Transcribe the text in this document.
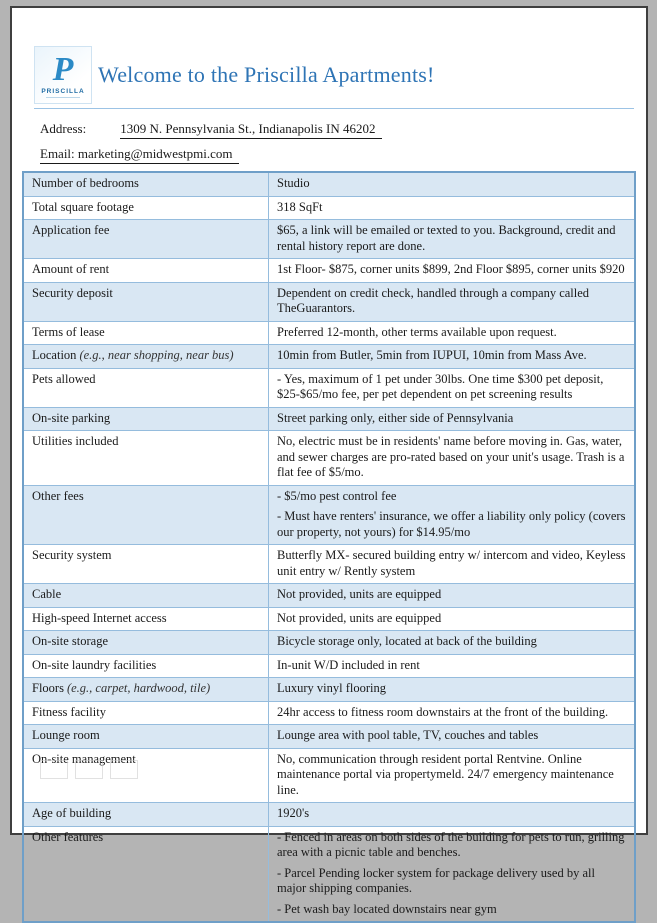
P
PRISCILLA
Welcome to the Priscilla Apartments!
Address:	1309 N. Pennsylvania St., Indianapolis IN 46202
Email: marketing@midwestpmi.com
Number of bedrooms	Studio

Total square footage	318 SqFt

Application fee	$65, a link will be emailed or texted to you. Background, credit and rental history report are done.

Amount of rent	1st Floor- $875, corner units $899, 2nd Floor $895, corner units $920

Security deposit	Dependent on credit check, handled through a company called TheGuarantors.

Terms of lease	Preferred 12-month, other terms available upon request.

Location (e.g., near shopping, near bus)	10min from Butler, 5min from IUPUI, 10min from Mass Ave.

Pets allowed	- Yes, maximum of 1 pet under 30lbs. One time $300 pet deposit, $25-$65/mo fee, per pet dependent on pet screening results

On-site parking	Street parking only, either side of Pennsylvania

Utilities included	No, electric must be in residents' name before moving in. Gas, water, and sewer charges are pro-rated based on your unit's usage. Trash is a flat fee of $5/mo.

Other fees	- $5/mo pest control fee

- Must have renters' insurance, we offer a liability only policy (covers our property, not yours) for $14.95/mo

Security system	Butterfly MX- secured building entry w/ intercom and video, Keyless unit entry w/ Rently system

Cable	Not provided, units are equipped

High-speed Internet access	Not provided, units are equipped

On-site storage	Bicycle storage only, located at back of the building

On-site laundry facilities	In-unit W/D included in rent

Floors (e.g., carpet, hardwood, tile)	Luxury vinyl flooring

Fitness facility	24hr access to fitness room downstairs at the front of the building.

Lounge room	Lounge area with pool table, TV, couches and tables

On-site management	No, communication through resident portal Rentvine. Online maintenance portal via propertymeld. 24/7 emergency maintenance line.

Age of building	1920's

Other features	- Fenced in areas on both sides of the building for pets to run, grilling area with a picnic table and benches.

- Parcel Pending locker system for package delivery used by all major shipping companies.

- Pet wash bay located downstairs near gym
